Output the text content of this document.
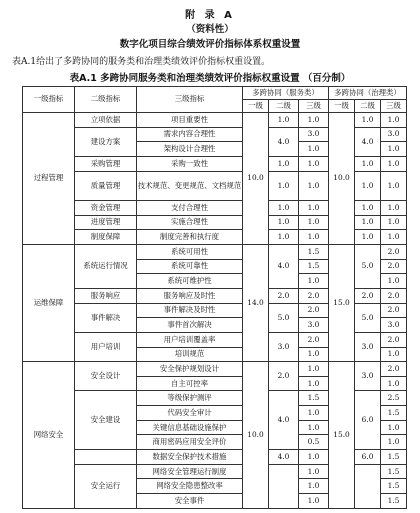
附 录 A
（资料性）
数字化项目综合绩效评价指标体系权重设置
表A.1给出了多跨协同的服务类和治理类绩效评价指标权重设置。
表A.1 多跨协同服务类和治理类绩效评价指标权重设置 （百分制）
一级指标	二级指标	三级指标	多跨协同（服务类）			多跨协同（治理类）		
			一级	二级	三级	一级	二级	三级
过程管理	立项依据	项目重要性	10.0	1.0	1.0	10.0	1.0	1.0
	建设方案	需求内容合理性		4.0	3.0		4.0	3.0
		架构设计合理性			1.0			1.0
	采购管理	采购一致性		1.0	1.0		1.0	1.0
	质量管理	技术规范、变更规范、文档规范		1.0	1.0		1.0	1.0
	资金管理	支付合理性		1.0	1.0		1.0	1.0
	进度管理	实施合理性		1.0	1.0		1.0	1.0
	制度保障	制度完善和执行度		1.0	1.0		1.0	1.0
运维保障	系统运行情况	系统可用性	14.0	4.0	1.5	15.0	5.0	2.0
		系统可靠性			1.5			2.0
		系统可维护性			1.0			1.0
	服务响应	服务响应及时性		2.0	2.0		2.0	2.0
	事件解决	事件解决及时性		5.0	2.0		5.0	2.0
		事件首次解决			3.0			3.0
	用户培训	用户培训覆盖率		3.0	2.0		3.0	2.0
		培训规范			1.0			1.0
网络安全	安全设计	安全保护规划设计	10.0	2.0	1.0	15.0	3.0	2.0
		自主可控率			1.0			1.0
	安全建设	等级保护测评		4.0	1.5		6.0	2.5
		代码安全审计			1.0			1.5
		关键信息基础设施保护			1.0			1.0
		商用密码应用安全评价			0.5			1.0
		数据安全保护技术措施		4.0	1.0		6.0	1.5
	安全运行	网络安全管理运行制度			1.0			1.5
		网络安全隐患整改率			1.0			1.5
		安全事件			1.0			1.5
